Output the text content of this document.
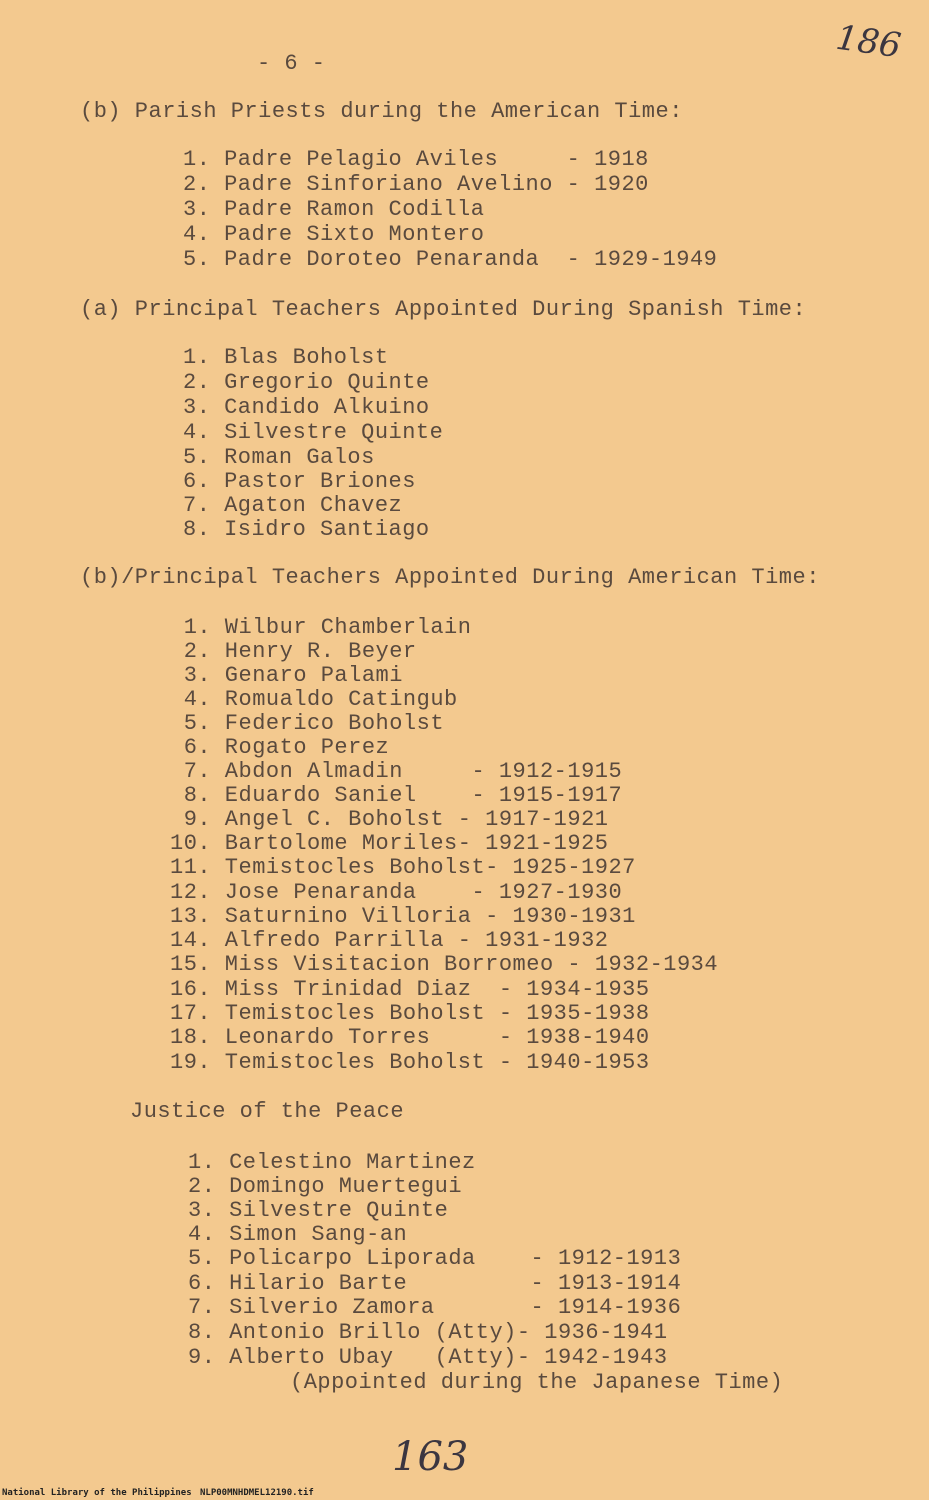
186
- 6 -
(b) Parish Priests during the American Time:
1. Padre Pelagio Aviles     - 1918
2. Padre Sinforiano Avelino - 1920
3. Padre Ramon Codilla
4. Padre Sixto Montero
5. Padre Doroteo Penaranda  - 1929-1949
(a) Principal Teachers Appointed During Spanish Time:
1. Blas Boholst
2. Gregorio Quinte
3. Candido Alkuino
4. Silvestre Quinte
5. Roman Galos
6. Pastor Briones
7. Agaton Chavez
8. Isidro Santiago
(b)/Principal Teachers Appointed During American Time:
1. Wilbur Chamberlain
2. Henry R. Beyer
3. Genaro Palami
4. Romualdo Catingub
5. Federico Boholst
6. Rogato Perez
7. Abdon Almadin     - 1912-1915
8. Eduardo Saniel    - 1915-1917
9. Angel C. Boholst - 1917-1921
10. Bartolome Moriles- 1921-1925
11. Temistocles Boholst- 1925-1927
12. Jose Penaranda    - 1927-1930
13. Saturnino Villoria - 1930-1931
14. Alfredo Parrilla - 1931-1932
15. Miss Visitacion Borromeo - 1932-1934
16. Miss Trinidad Diaz  - 1934-1935
17. Temistocles Boholst - 1935-1938
18. Leonardo Torres     - 1938-1940
19. Temistocles Boholst - 1940-1953
Justice of the Peace
1. Celestino Martinez
2. Domingo Muertegui
3. Silvestre Quinte
4. Simon Sang-an
5. Policarpo Liporada    - 1912-1913
6. Hilario Barte         - 1913-1914
7. Silverio Zamora       - 1914-1936
8. Antonio Brillo (Atty)- 1936-1941
9. Alberto Ubay   (Atty)- 1942-1943
(Appointed during the Japanese Time)
163
National Library of the Philippines NLP00MNHDMEL12190.tif
